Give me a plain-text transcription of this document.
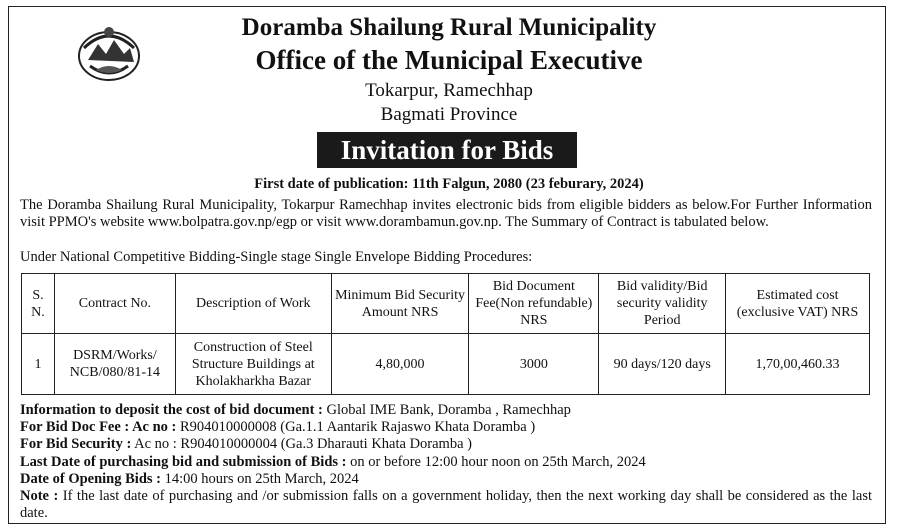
Doramba Shailung Rural Municipality
Office of the Municipal Executive
Tokarpur, Ramechhap
Bagmati Province
Invitation for Bids
First date of publication: 11th Falgun, 2080 (23 feburary, 2024)

The Doramba Shailung Rural Municipality, Tokarpur Ramechhap invites electronic bids from eligible bidders as below.For Further Information visit PPMO's website www.bolpatra.gov.np/egp or visit www.dorambamun.gov.np. The Summary of Contract is tabulated below.

Under National Competitive Bidding-Single stage Single Envelope Bidding Procedures:

S. N.	Contract No.	Description of Work	Minimum Bid Security Amount NRS	Bid Document Fee(Non refundable) NRS	Bid validity/Bid security validity Period	Estimated cost (exclusive VAT) NRS
1	DSRM/Works/ NCB/080/81-14	Construction of Steel Structure Buildings at Kholakharkha Bazar	4,80,000	3000	90 days/120 days	1,70,00,460.33

Information to deposit the cost of bid document : Global IME Bank, Doramba , Ramechhap

For Bid Doc Fee : Ac no : R904010000008 (Ga.1.1 Aantarik Rajaswo Khata Doramba )

For Bid Security : Ac no : R904010000004 (Ga.3 Dharauti Khata Doramba )

Last Date of purchasing bid and submission of Bids : on or before 12:00 hour noon on 25th March, 2024

Date of Opening Bids : 14:00 hours on 25th March, 2024

Note : If the last date of purchasing and /or submission falls on a government holiday, then the next working day shall be considered as the last date.
